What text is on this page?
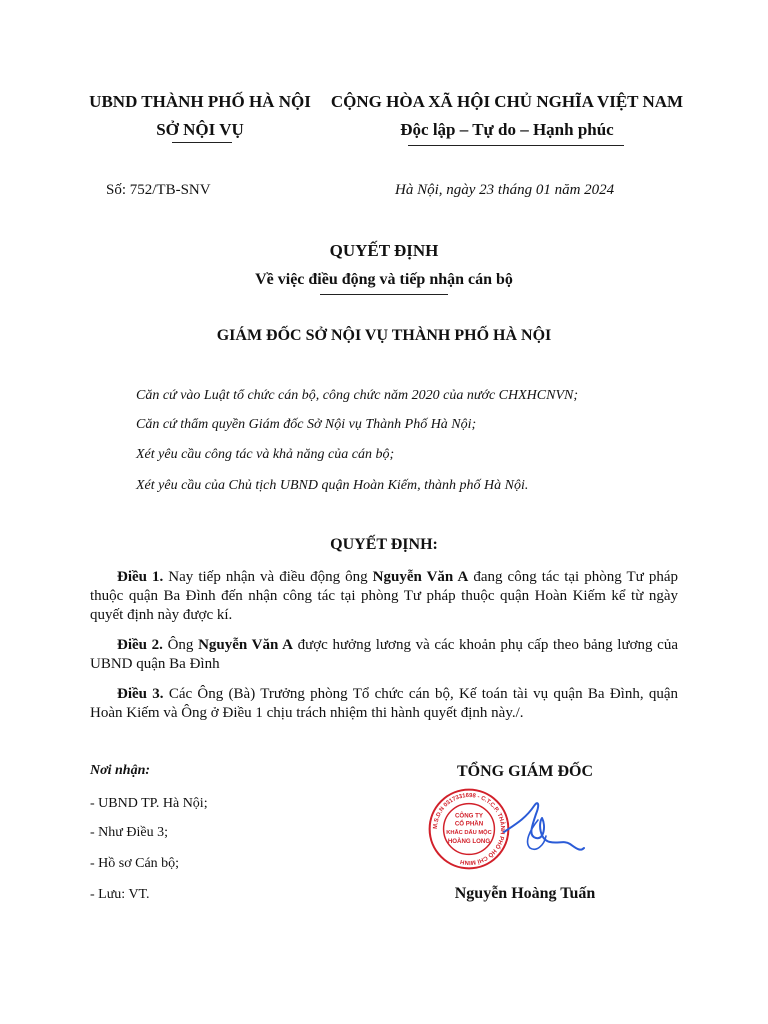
UBND THÀNH PHỐ HÀ NỘI
SỞ NỘI VỤ
CỘNG HÒA XÃ HỘI CHỦ NGHĨA VIỆT NAM
Độc lập – Tự do – Hạnh phúc
Số: 752/TB-SNV	Hà Nội, ngày 23 tháng 01 năm 2024
QUYẾT ĐỊNH
Về việc điều động và tiếp nhận cán bộ
GIÁM ĐỐC SỞ NỘI VỤ THÀNH PHỐ HÀ NỘI
Căn cứ vào Luật tổ chức cán bộ, công chức năm 2020 của nước CHXHCNVN;
Căn cứ thẩm quyền Giám đốc Sở Nội vụ Thành Phố Hà Nội;
Xét yêu cầu công tác và khả năng của cán bộ;
Xét yêu cầu của Chủ tịch UBND quận Hoàn Kiếm, thành phố Hà Nội.
QUYẾT ĐỊNH:
Điều 1. Nay tiếp nhận và điều động ông Nguyễn Văn A đang công tác tại phòng Tư pháp thuộc quận Ba Đình đến nhận công tác tại phòng Tư pháp thuộc quận Hoàn Kiếm kể từ ngày quyết định này được kí.
Điều 2. Ông Nguyễn Văn A được hưởng lương và các khoản phụ cấp theo bảng lương của UBND quận Ba Đình
Điều 3. Các Ông (Bà) Trưởng phòng Tổ chức cán bộ, Kế toán tài vụ quận Ba Đình, quận Hoàn Kiếm và Ông ở Điều 1 chịu trách nhiệm thi hành quyết định này./.
Nơi nhận:
- UBND TP. Hà Nội;
- Như Điều 3;
- Hồ sơ Cán bộ;
- Lưu: VT.
TỔNG GIÁM ĐỐC
M.S.D.N 0317331698 - C.T.C.P. THÀNH PHỐ HỒ CHÍ MINH
CÔNG TY
CỔ PHẦN
KHẮC DẤU MỘC
HOÀNG LONG
Nguyễn Hoàng Tuấn
